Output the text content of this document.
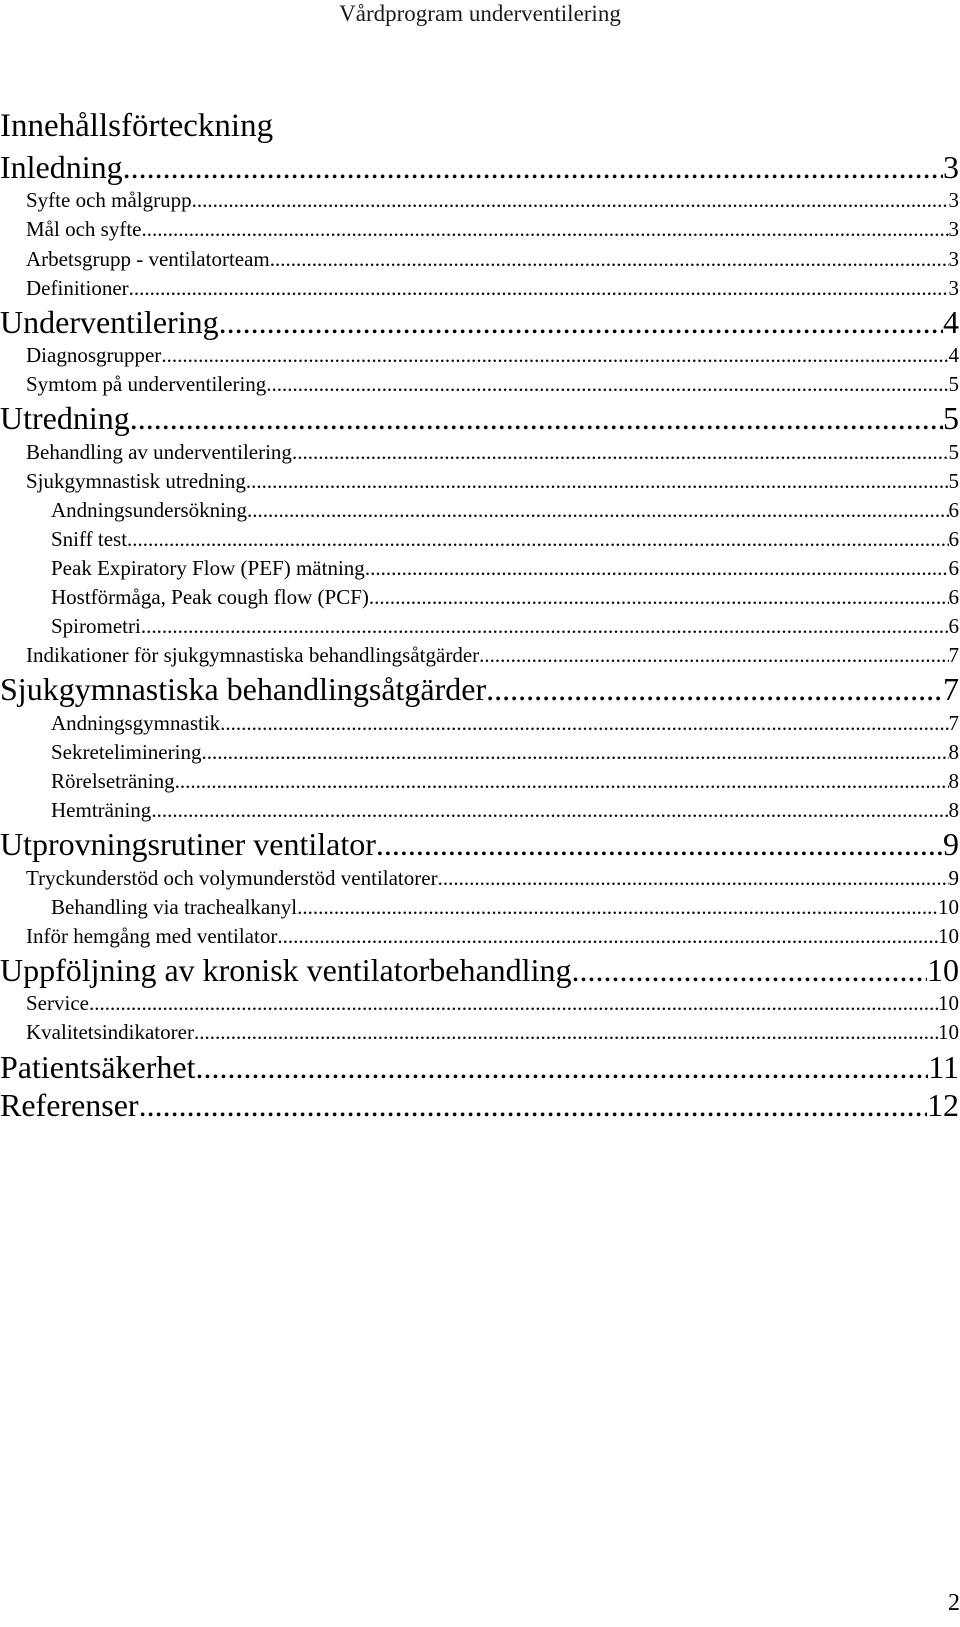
Vårdprogram underventilering
Innehållsförteckning
Inledning .....	3
Syfte och målgrupp .....	3
Mål och syfte .....	3
Arbetsgrupp - ventilatorteam .....	3
Definitioner .....	3
Underventilering .....	4
Diagnosgrupper .....	4
Symtom på underventilering .....	5
Utredning .....	5
Behandling av underventilering .....	5
Sjukgymnastisk utredning .....	5
Andningsundersökning .....	6
Sniff test .....	6
Peak Expiratory Flow (PEF) mätning .....	6
Hostförmåga, Peak cough flow (PCF) .....	6
Spirometri .....	6
Indikationer för sjukgymnastiska behandlingsåtgärder .....	7
Sjukgymnastiska behandlingsåtgärder .....	7
Andningsgymnastik .....	7
Sekreteliminering .....	8
Rörelseträning .....	8
Hemträning .....	8
Utprovningsrutiner ventilator .....	9
Tryckunderstöd och volymunderstöd ventilatorer .....	9
Behandling via trachealkanyl .....	10
Inför hemgång med ventilator .....	10
Uppföljning av kronisk ventilatorbehandling .....	10
Service .....	10
Kvalitetsindikatorer .....	10
Patientsäkerhet .....	11
Referenser .....	12
2
